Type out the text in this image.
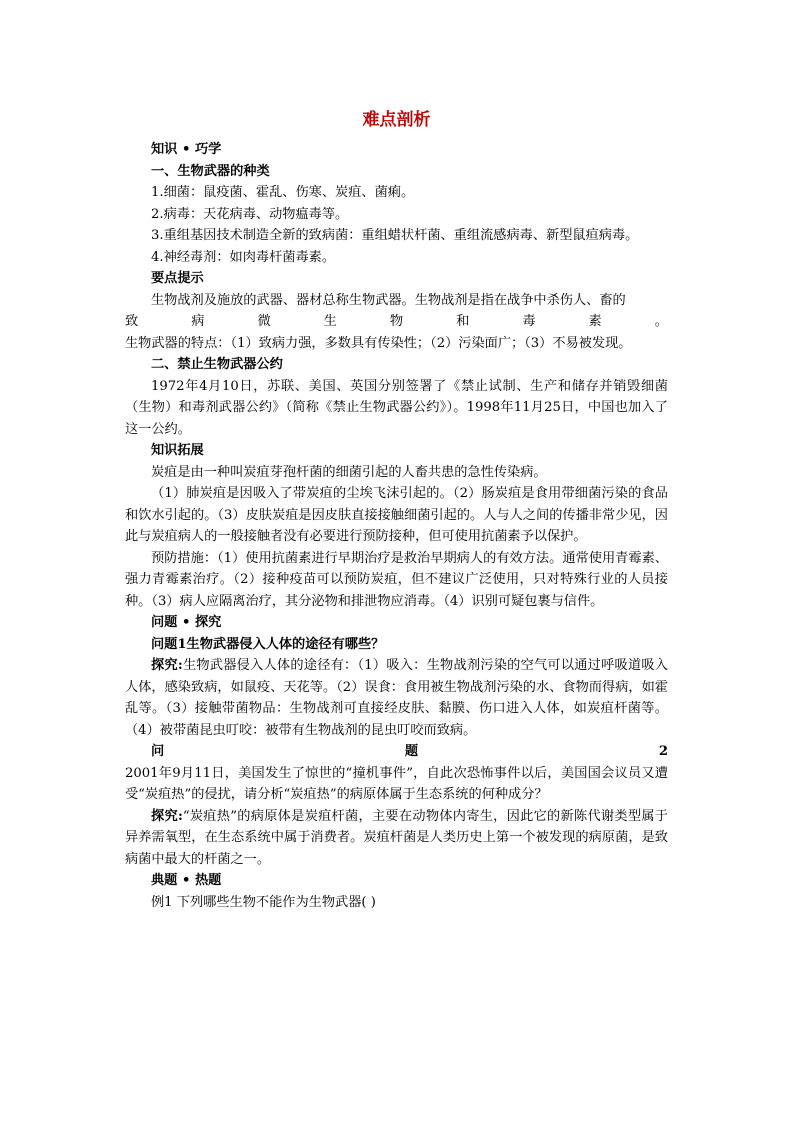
难点剖析

知识 • 巧学

一、生物武器的种类

1.细菌：鼠疫菌、霍乱、伤寒、炭疽、菌痢。

2.病毒：天花病毒、动物瘟毒等。

3.重组基因技术制造全新的致病菌：重组蜡状杆菌、重组流感病毒、新型鼠疸病毒。

4.神经毒剂：如肉毒杆菌毒素。

要点提示

生物战剂及施放的武器、器材总称生物武器。生物战剂是指在战争中杀伤人、畜的

致	病	微	生	物	和	毒	素	。

生物武器的特点：（1）致病力强，多数具有传染性；（2）污染面广；（3）不易被发现。

二、禁止生物武器公约

1972年4月10日，苏联、美国、英国分别签署了《禁止试制、生产和储存并销毁细菌（生物）和毒剂武器公约》（简称《禁止生物武器公约》）。1998年11月25日，中国也加入了这一公约。

知识拓展

炭疽是由一种叫炭疽芽孢杆菌的细菌引起的人畜共患的急性传染病。

（1）肺炭疽是因吸入了带炭疽的尘埃飞沫引起的。（2）肠炭疽是食用带细菌污染的食品和饮水引起的。（3）皮肤炭疽是因皮肤直接接触细菌引起的。人与人之间的传播非常少见，因此与炭疽病人的一般接触者没有必要进行预防接种，但可使用抗菌素予以保护。

预防措施：（1）使用抗菌素进行早期治疗是救治早期病人的有效方法。通常使用青霉素、强力青霉素治疗。（2）接种疫苗可以预防炭疽，但不建议广泛使用，只对特殊行业的人员接种。（3）病人应隔离治疗，其分泌物和排泄物应消毒。（4）识别可疑包裹与信件。

问题 • 探究

问题1生物武器侵入人体的途径有哪些？

探究:生物武器侵入人体的途径有：（1）吸入：生物战剂污染的空气可以通过呼吸道吸入人体，感染致病，如鼠疫、天花等。（2）误食：食用被生物战剂污染的水、食物而得病，如霍乱等。（3）接触带菌物品：生物战剂可直接经皮肤、黏膜、伤口进入人体，如炭疽杆菌等。（4）被带菌昆虫叮咬：被带有生物战剂的昆虫叮咬而致病。

问	题	2

2001年9月11日，美国发生了惊世的“撞机事件”，自此次恐怖事件以后，美国国会议员又遭受“炭疽热”的侵扰，请分析“炭疽热”的病原体属于生态系统的何种成分？

探究:“炭疽热”的病原体是炭疽杆菌，主要在动物体内寄生，因此它的新陈代谢类型属于异养需氧型，在生态系统中属于消费者。炭疽杆菌是人类历史上第一个被发现的病原菌，是致病菌中最大的杆菌之一。

典题 • 热题

例1 下列哪些生物不能作为生物武器( )
